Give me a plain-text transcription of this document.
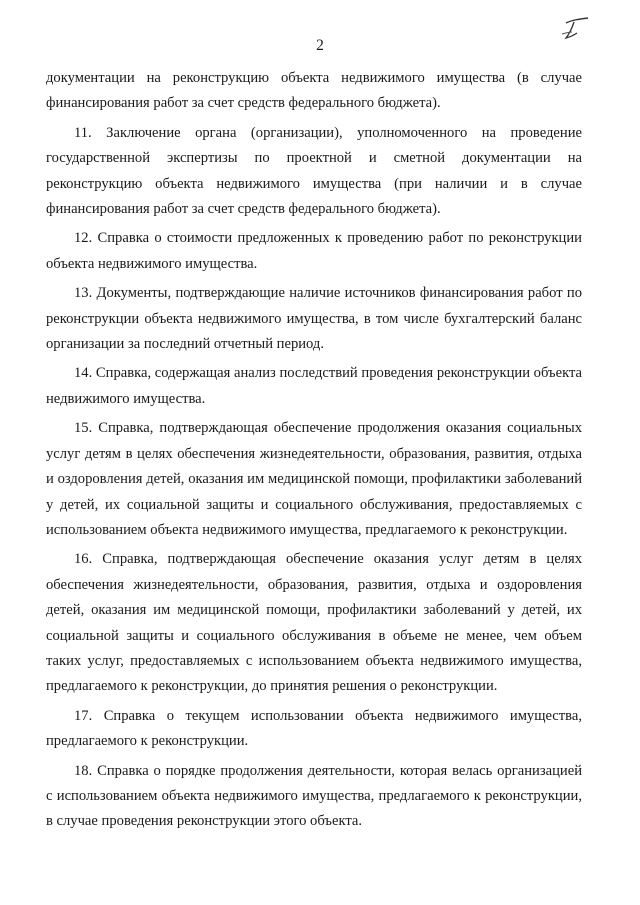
2

документации на реконструкцию объекта недвижимого имущества (в случае финансирования работ за счет средств федерального бюджета).

11. Заключение органа (организации), уполномоченного на проведение государственной экспертизы по проектной и сметной документации на реконструкцию объекта недвижимого имущества (при наличии и в случае финансирования работ за счет средств федерального бюджета).

12. Справка о стоимости предложенных к проведению работ по реконструкции объекта недвижимого имущества.

13. Документы, подтверждающие наличие источников финансирования работ по реконструкции объекта недвижимого имущества, в том числе бухгалтерский баланс организации за последний отчетный период.

14. Справка, содержащая анализ последствий проведения реконструкции объекта недвижимого имущества.

15. Справка, подтверждающая обеспечение продолжения оказания социальных услуг детям в целях обеспечения жизнедеятельности, образования, развития, отдыха и оздоровления детей, оказания им медицинской помощи, профилактики заболеваний у детей, их социальной защиты и социального обслуживания, предоставляемых с использованием объекта недвижимого имущества, предлагаемого к реконструкции.

16. Справка, подтверждающая обеспечение оказания услуг детям в целях обеспечения жизнедеятельности, образования, развития, отдыха и оздоровления детей, оказания им медицинской помощи, профилактики заболеваний у детей, их социальной защиты и социального обслуживания в объеме не менее, чем объем таких услуг, предоставляемых с использованием объекта недвижимого имущества, предлагаемого к реконструкции, до принятия решения о реконструкции.

17. Справка о текущем использовании объекта недвижимого имущества, предлагаемого к реконструкции.

18. Справка о порядке продолжения деятельности, которая велась организацией с использованием объекта недвижимого имущества, предлагаемого к реконструкции, в случае проведения реконструкции этого объекта.
